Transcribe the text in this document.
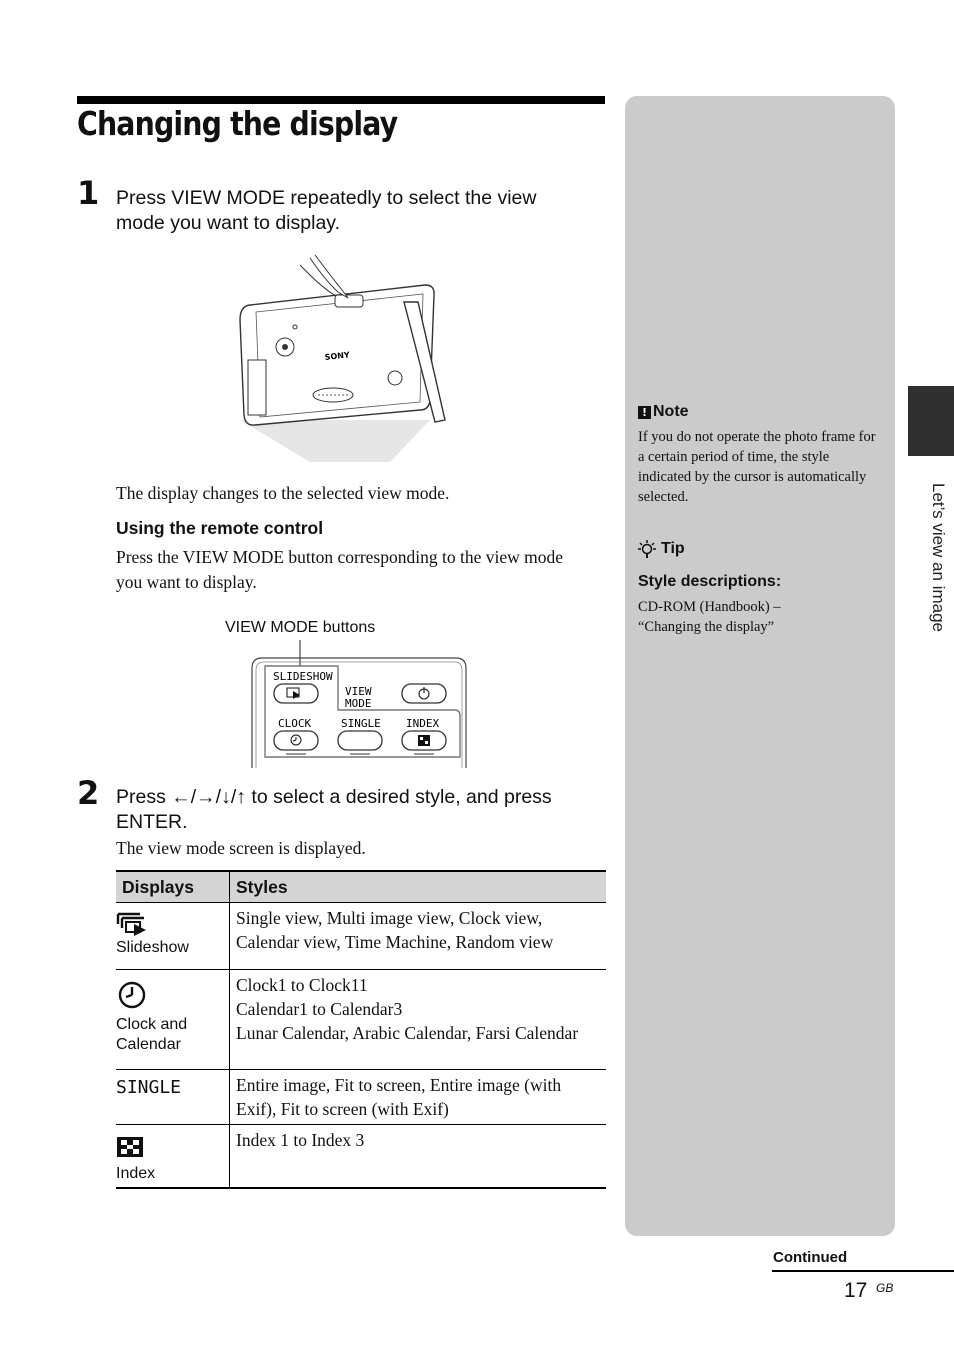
Changing the display
1 Press VIEW MODE repeatedly to select the view mode you want to display.
SONY
The display changes to the selected view mode.
Using the remote control
Press the VIEW MODE button corresponding to the view mode you want to display.
VIEW MODE buttons
SLIDESHOW
VIEW
MODE
CLOCK	SINGLE INDEX
2 Press ←/→/↓/↑ to select a desired style, and press ENTER.
The view mode screen is displayed.
Displays	Styles

Slideshow	Single view, Multi image view, Clock view, Calendar view, Time Machine, Random view

Clock and Calendar	Clock1 to Clock11
Calendar1 to Calendar3
Lunar Calendar, Arabic Calendar, Farsi Calendar

SINGLE	Entire image, Fit to screen, Entire image (with Exif), Fit to screen (with Exif)

Index	Index 1 to Index 3
! Note
If you do not operate the photo frame for a certain period of time, the style indicated by the cursor is automatically selected.
Tip
Style descriptions:
CD-ROM (Handbook) –
“Changing the display”	Let’s view an image
Continued
17 GB
